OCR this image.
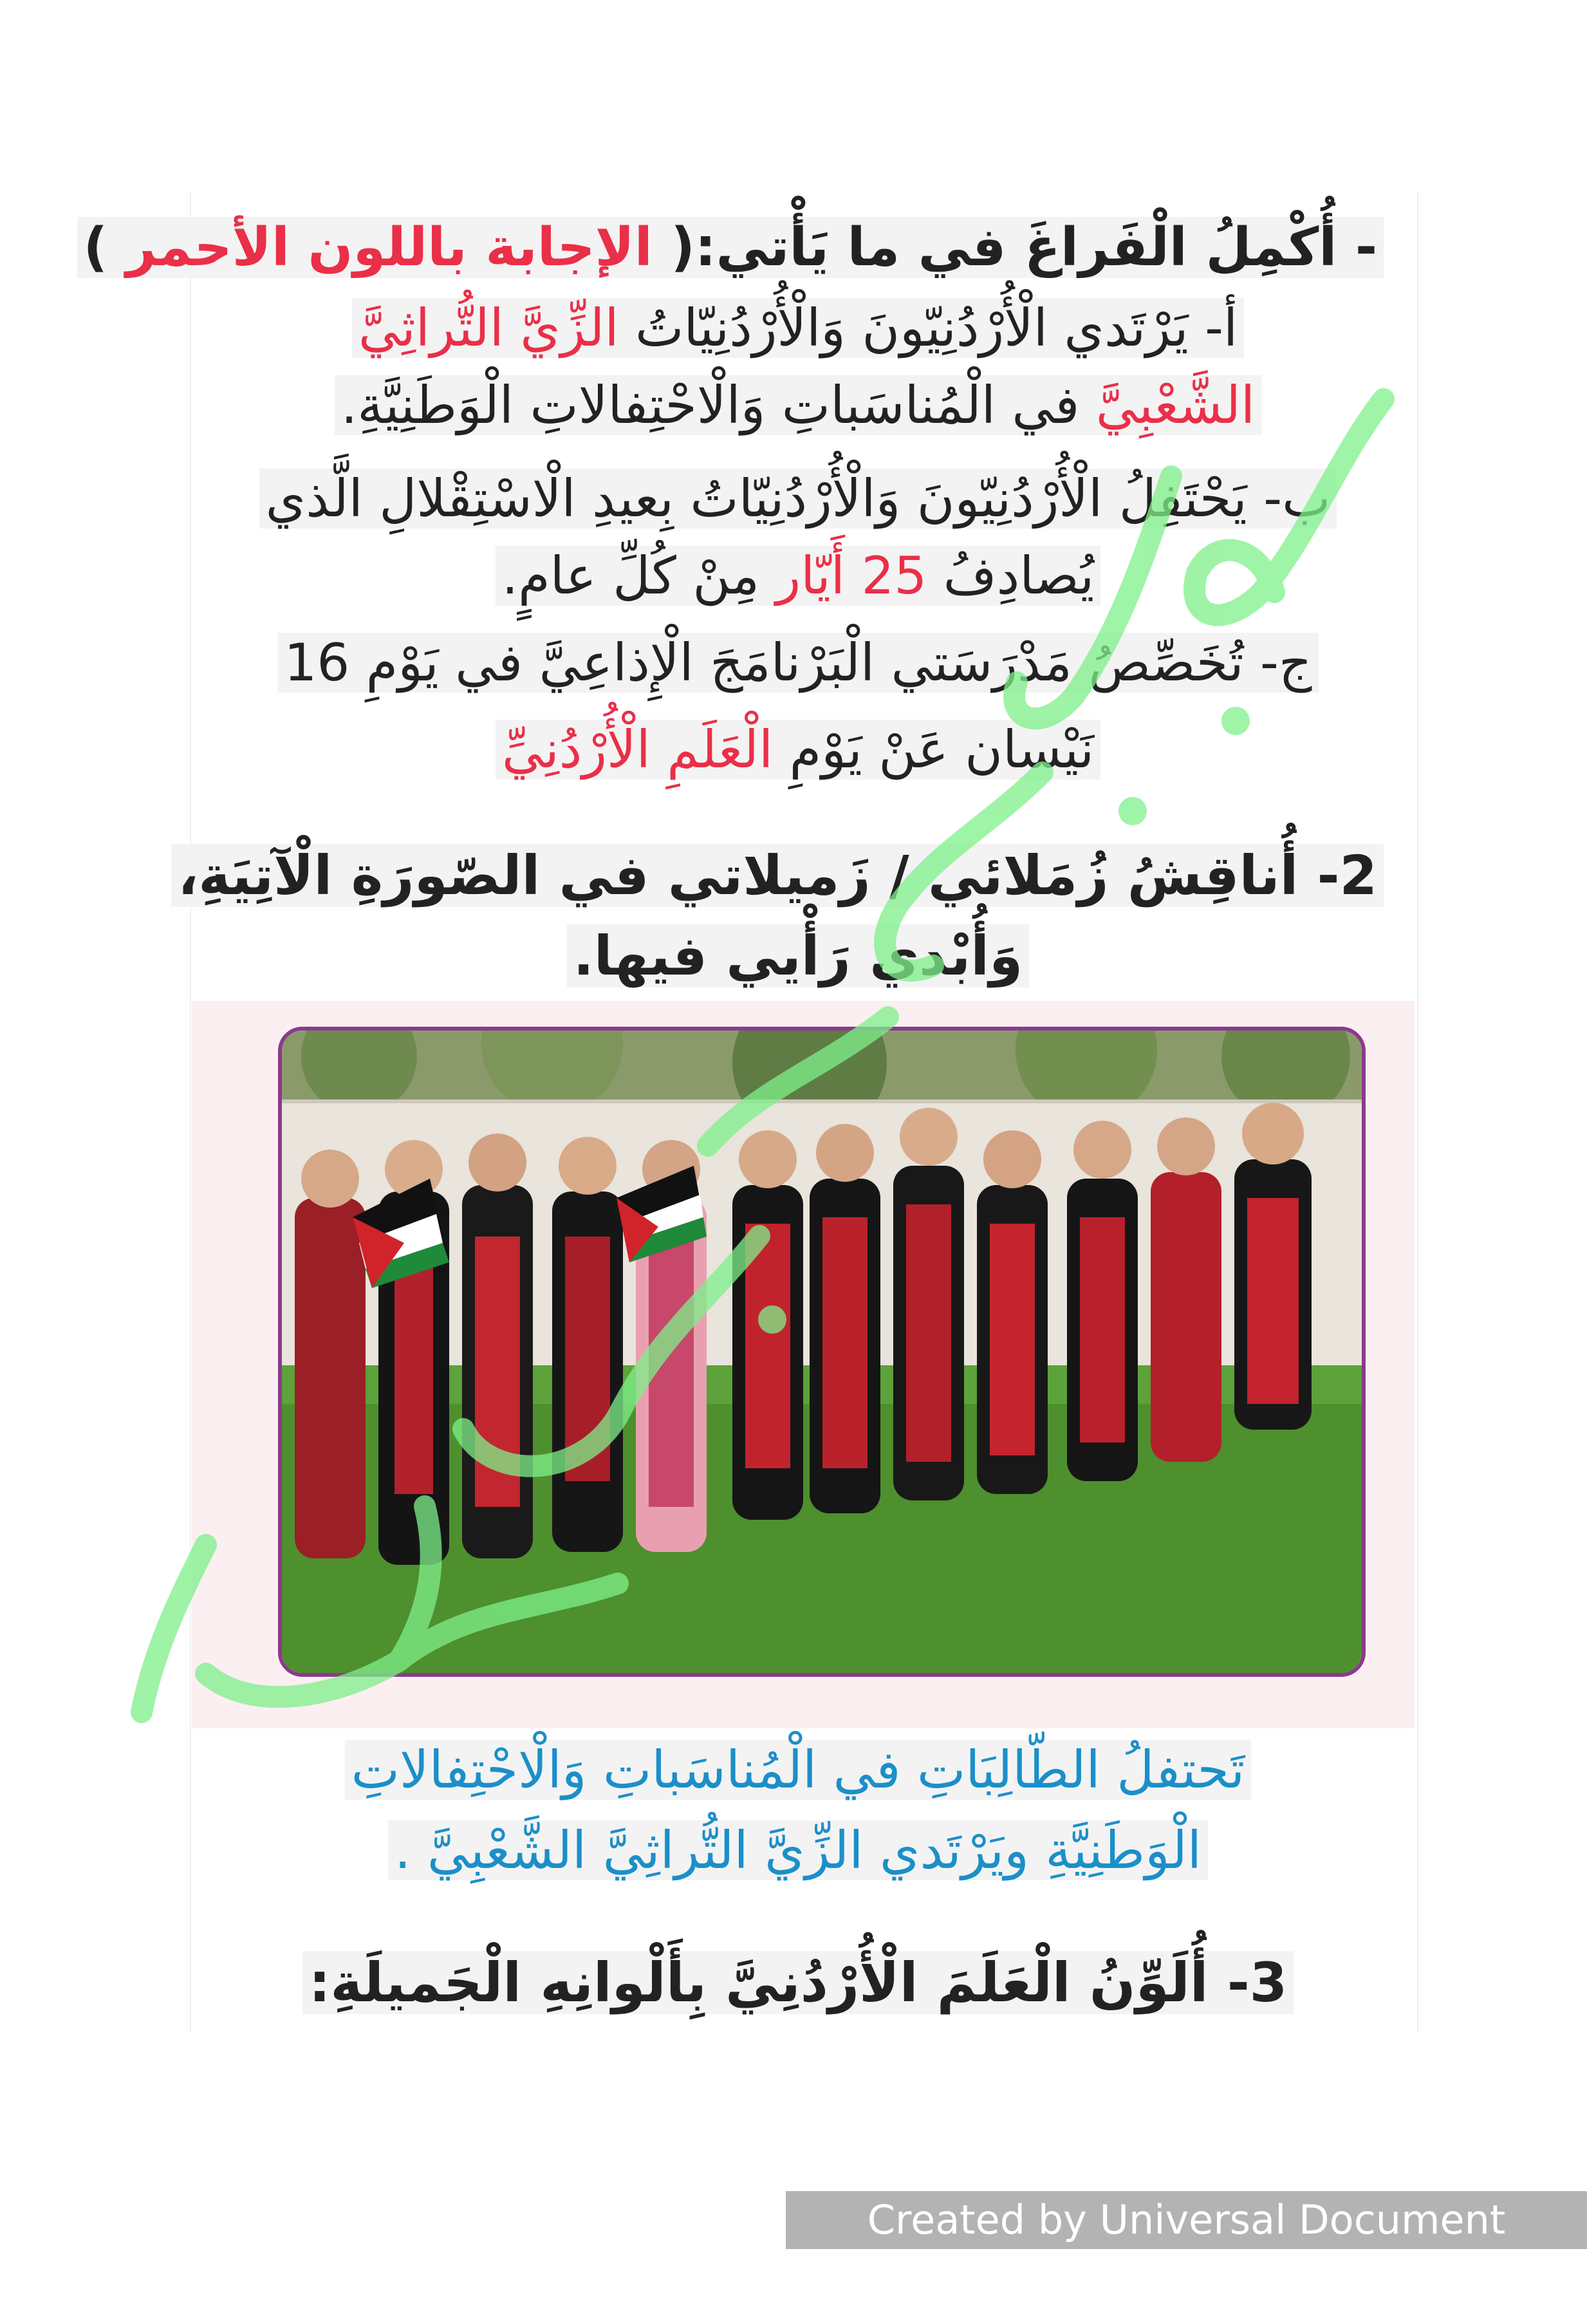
- أُكْمِلُ الْفَراغَ في ما يَأْتي:( الإجابة باللون الأحمر )
أ- يَرْتَدي الْأُرْدُنِيّونَ وَالْأُرْدُنِيّاتُ الزِّيَّ التُّراثِيَّ
الشَّعْبِيَّ في الْمُناسَباتِ وَالْاحْتِفالاتِ الْوَطَنِيَّةِ.
ب- يَحْتَفِلُ الْأُرْدُنِيّونَ وَالْأُرْدُنِيّاتُ بِعيدِ الْاسْتِقْلالِ الَّذي
يُصادِفُ 25 أَيّار مِنْ كُلِّ عامٍ.
ج- تُخَصِّصُ مَدْرَسَتي الْبَرْنامَجَ الْإِذاعِيَّ في يَوْمِ 16
نَيْسان عَنْ يَوْمِ الْعَلَمِ الْأُرْدُنِيِّ
2- أُناقِشُ زُمَلائي / زَميلاتي في الصّورَةِ الْآتِيَةِ،
وَأُبْدي رَأْيي فيها.
تَحتفلُ الطّالِبَاتِ في الْمُناسَباتِ وَالْاحْتِفالاتِ
الْوَطَنِيَّةِ ويَرْتَدي الزِّيَّ التُّراثِيَّ الشَّعْبِيَّ .
3- أُلَوِّنُ الْعَلَمَ الْأُرْدُنِيَّ بِأَلْوانِهِ الْجَميلَةِ:
Created by Universal Document Converter
